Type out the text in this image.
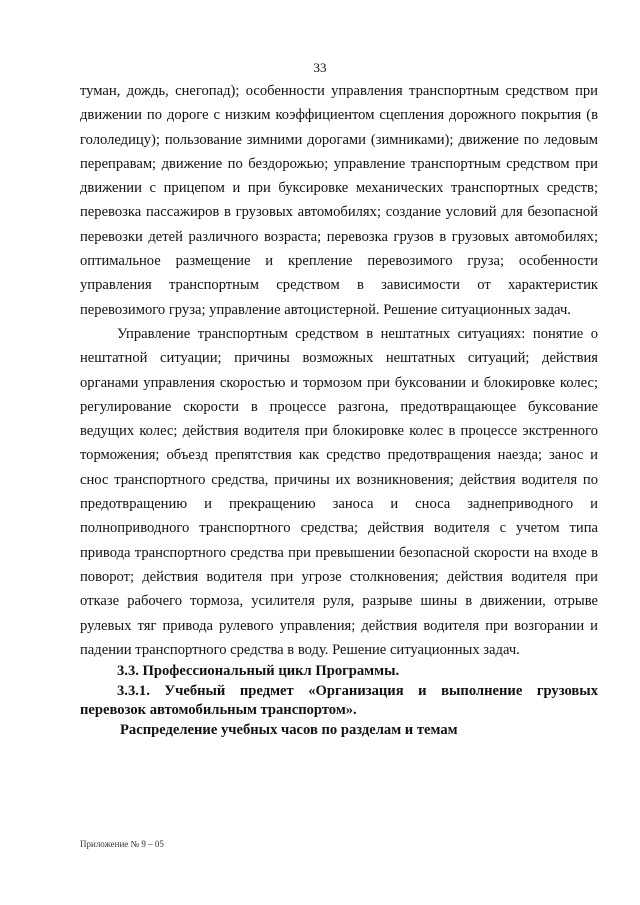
33

туман, дождь, снегопад); особенности управления транспортным средством при движении по дороге с низким коэффициентом сцепления дорожного покрытия (в гололедицу); пользование зимними дорогами (зимниками); движение по ледовым переправам; движение по бездорожью; управление транспортным средством при движении с прицепом и при буксировке механических транспортных средств; перевозка пассажиров в грузовых автомобилях; создание условий для безопасной перевозки детей различного возраста; перевозка грузов в грузовых автомобилях; оптимальное размещение и крепление перевозимого груза; особенности управления транспортным средством в зависимости от характеристик перевозимого груза; управление автоцистерной. Решение ситуационных задач.

Управление транспортным средством в нештатных ситуациях: понятие о нештатной ситуации; причины возможных нештатных ситуаций; действия органами управления скоростью и тормозом при буксовании и блокировке колес; регулирование скорости в процессе разгона, предотвращающее буксование ведущих колес; действия водителя при блокировке колес в процессе экстренного торможения; объезд препятствия как средство предотвращения наезда; занос и снос транспортного средства, причины их возникновения; действия водителя по предотвращению и прекращению заноса и сноса заднеприводного и полноприводного транспортного средства; действия водителя с учетом типа привода транспортного средства при превышении безопасной скорости на входе в поворот; действия водителя при угрозе столкновения; действия водителя при отказе рабочего тормоза, усилителя руля, разрыве шины в движении, отрыве рулевых тяг привода рулевого управления; действия водителя при возгорании и падении транспортного средства в воду. Решение ситуационных задач.

3.3. Профессиональный цикл Программы.

3.3.1. Учебный предмет «Организация и выполнение грузовых перевозок автомобильным транспортом».

Распределение учебных часов по разделам и темам

Приложение № 9 – 05
